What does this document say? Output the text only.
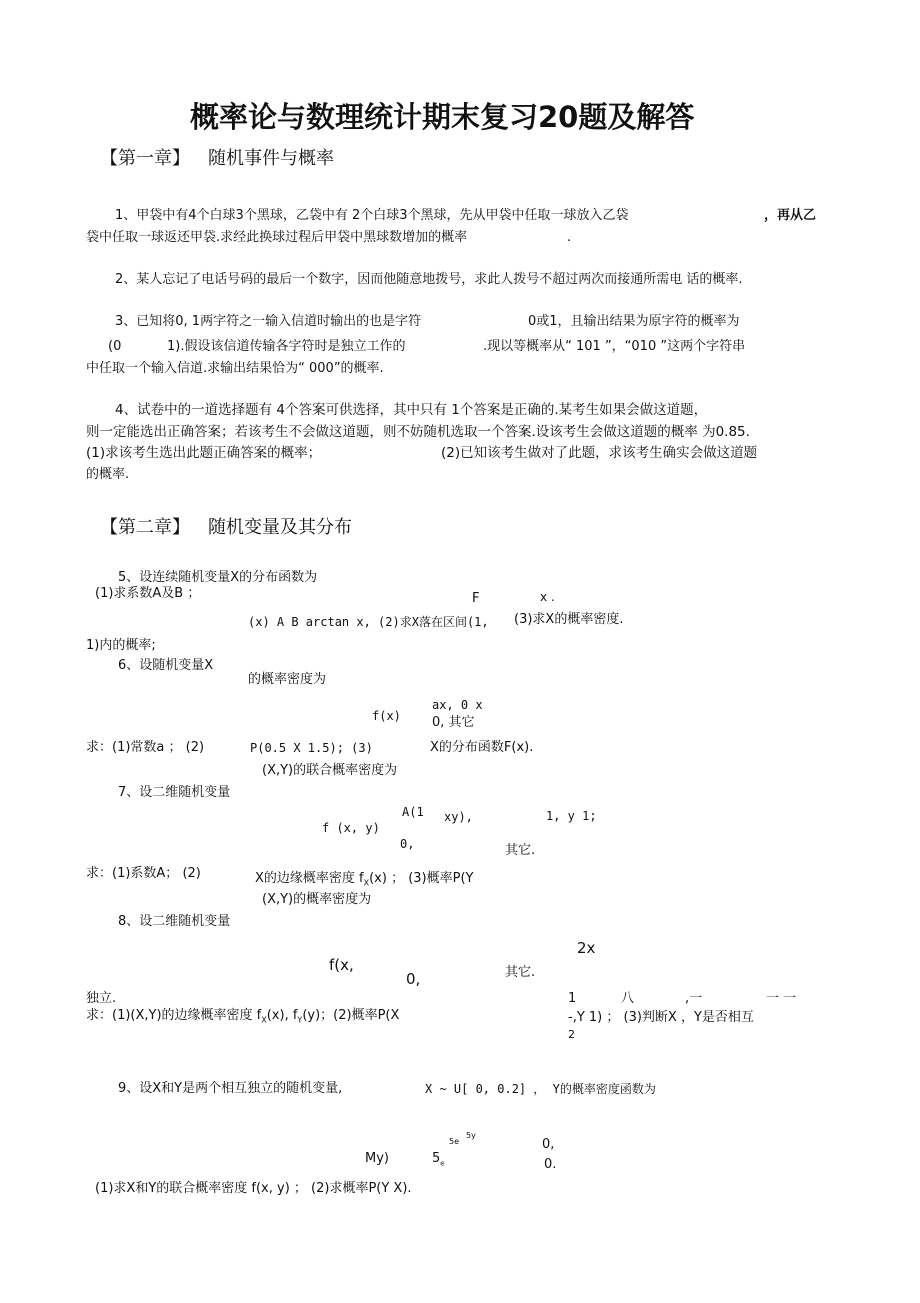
概率论与数理统计期末复习20题及解答
【第一章】 随机事件与概率
1、甲袋中有4个白球3个黑球，乙袋中有 2个白球3个黑球，先从甲袋中任取一球放入乙袋	，再从乙
袋中任取一球返还甲袋.求经此换球过程后甲袋中黑球数增加的概率	.
2、某人忘记了电话号码的最后一个数字，因而他随意地拨号，求此人拨号不超过两次而接通所需电 话的概率.
3、已知将0, 1两字符之一输入信道时输出的也是字符	0或1，且输出结果为原字符的概率为
(0	1).假设该信道传输各字符时是独立工作的	.现以等概率从“ 101 ”，“010 ”这两个字符串
中任取一个输入信道.求输出结果恰为“ 000”的概率.
4、试卷中的一道选择题有 4个答案可供选择，其中只有 1个答案是正确的.某考生如果会做这道题，
则一定能选出正确答案；若该考生不会做这道题，则不妨随机选取一个答案.设该考生会做这道题的概率 为0.85.
(1)求该考生选出此题正确答案的概率；	(2)已知该考生做对了此题，求该考生确实会做这道题
的概率.
【第二章】 随机变量及其分布
5、设连续随机变量X的分布函数为
(1)求系数A及B ；	F	x .
(x) A B arctan x, (2)求X落在区间(1, (3)求X的概率密度.
1)内的概率;
6、设随机变量X
的概率密度为
ax, 0 x
f(x) 0, 其它
求：(1)常数a ； (2)	P(0.5 X 1.5); (3)	X的分布函数F(x).
(X,Y)的联合概率密度为
7、设二维随机变量
A(1 xy),	1, y 1;
f (x, y)
0,	其它.
求：(1)系数A； (2)	X的边缘概率密度 $f_X(x)$ ； (3)概率P(Y
(X,Y)的概率密度为
8、设二维随机变量
2x
f(x,
0,	其它.
独立.	1	八	,一	一 一
求：(1)(X,Y)的边缘概率密度 $f_X(x)$, $f_Y(y)$；(2)概率P(X	-,Y 1) ； (3)判断X ，Y是否相互
2
9、设X和Y是两个相互独立的随机变量,	X ~ U[ 0, 0.2] ， Y的概率密度函数为
5y
5e	0,
My)	$5_e$	0.
(1)求X和Y的联合概率密度 f(x, y) ； (2)求概率P(Y X).
